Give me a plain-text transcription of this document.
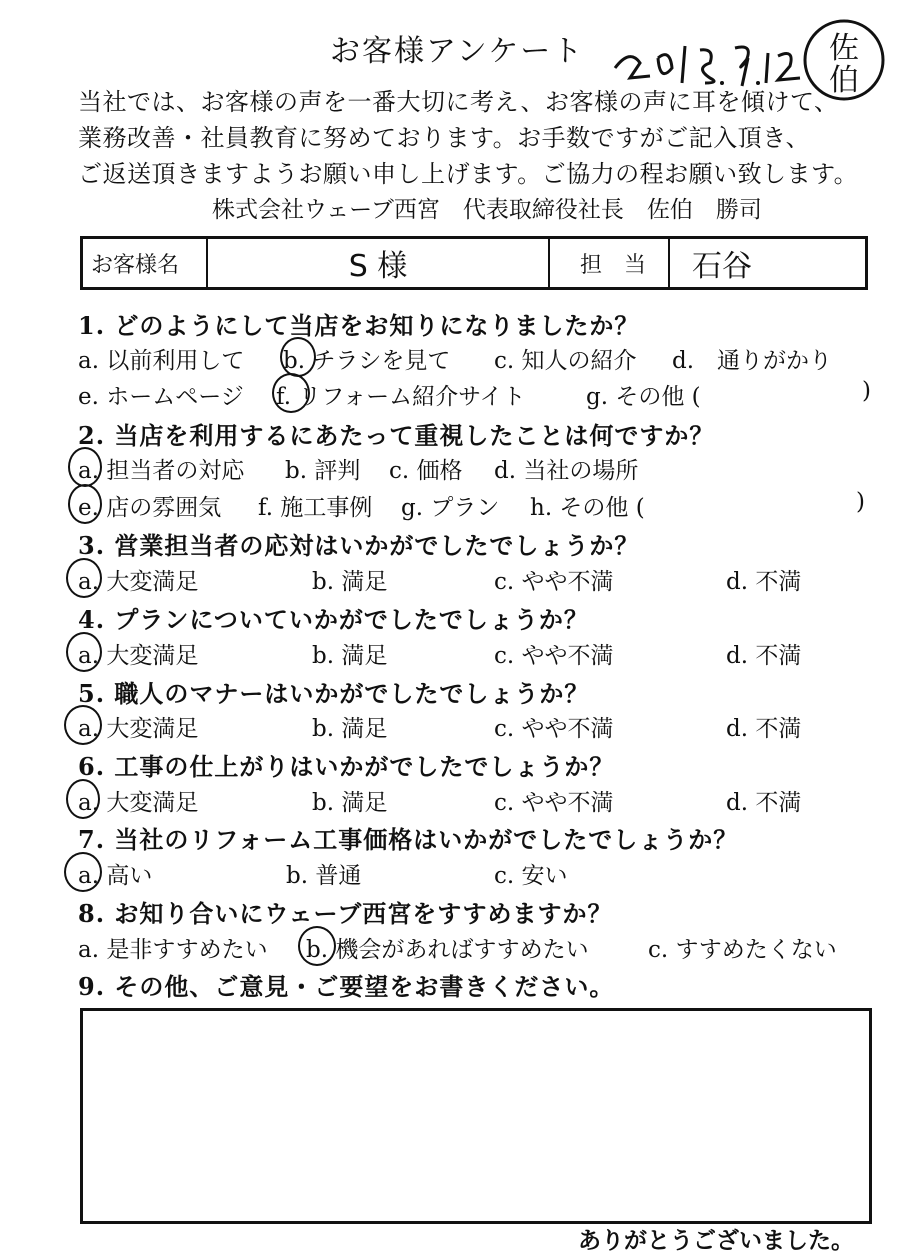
お客様アンケート	佐
伯
当社では、お客様の声を一番大切に考え、お客様の声に耳を傾けて、
業務改善・社員教育に努めております。お手数ですがご記入頂き、
ご返送頂きますようお願い申し上げます。ご協力の程お願い致します。
株式会社ウェーブ西宮　代表取締役社長　佐伯　勝司
お客様名	S 様	担　当	石谷
1. どのようにして当店をお知りになりましたか？
a. 以前利用して b. チラシを見て c. 知人の紹介 d.　通りがかり
e. ホームページ f. リフォーム紹介サイト	g. その他 (	)
2. 当店を利用するにあたって重視したことは何ですか？
a. 担当者の対応 b. 評判 c. 価格 d. 当社の場所
e. 店の雰囲気 f. 施工事例 g. プラン h. その他 (	)
3. 営業担当者の応対はいかがでしたでしょうか？
a. 大変満足	b. 満足	c. やや不満	d. 不満
4. プランについていかがでしたでしょうか？
a. 大変満足	b. 満足	c. やや不満	d. 不満
5. 職人のマナーはいかがでしたでしょうか？
a. 大変満足	b. 満足	c. やや不満	d. 不満
6. 工事の仕上がりはいかがでしたでしょうか？
a. 大変満足	b. 満足	c. やや不満	d. 不満
7. 当社のリフォーム工事価格はいかがでしたでしょうか？
a. 高い	b. 普通	c. 安い
8. お知り合いにウェーブ西宮をすすめますか？
a. 是非すすめたい b. 機会があればすすめたい	c. すすめたくない
9. その他、ご意見・ご要望をお書きください。
ありがとうございました。
